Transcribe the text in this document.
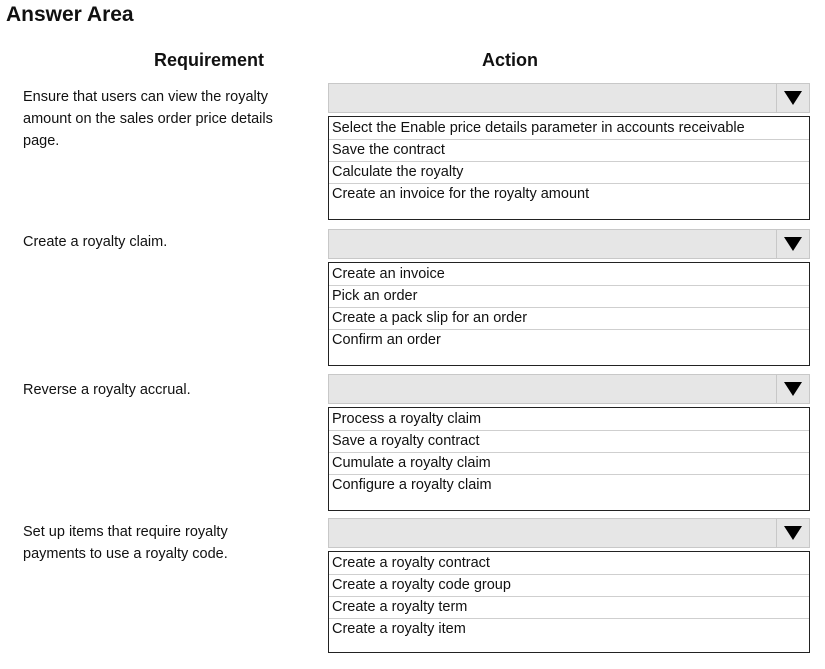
Answer Area
Requirement	Action
Ensure that users can view the royalty amount on the sales order price details page.
Select the Enable price details parameter in accounts receivable
Save the contract
Calculate the royalty
Create an invoice for the royalty amount
Create a royalty claim.
Create an invoice
Pick an order
Create a pack slip for an order
Confirm an order
Reverse a royalty accrual.
Process a royalty claim
Save a royalty contract
Cumulate a royalty claim
Configure a royalty claim
Set up items that require royalty payments to use a royalty code.
Create a royalty contract
Create a royalty code group
Create a royalty term
Create a royalty item
